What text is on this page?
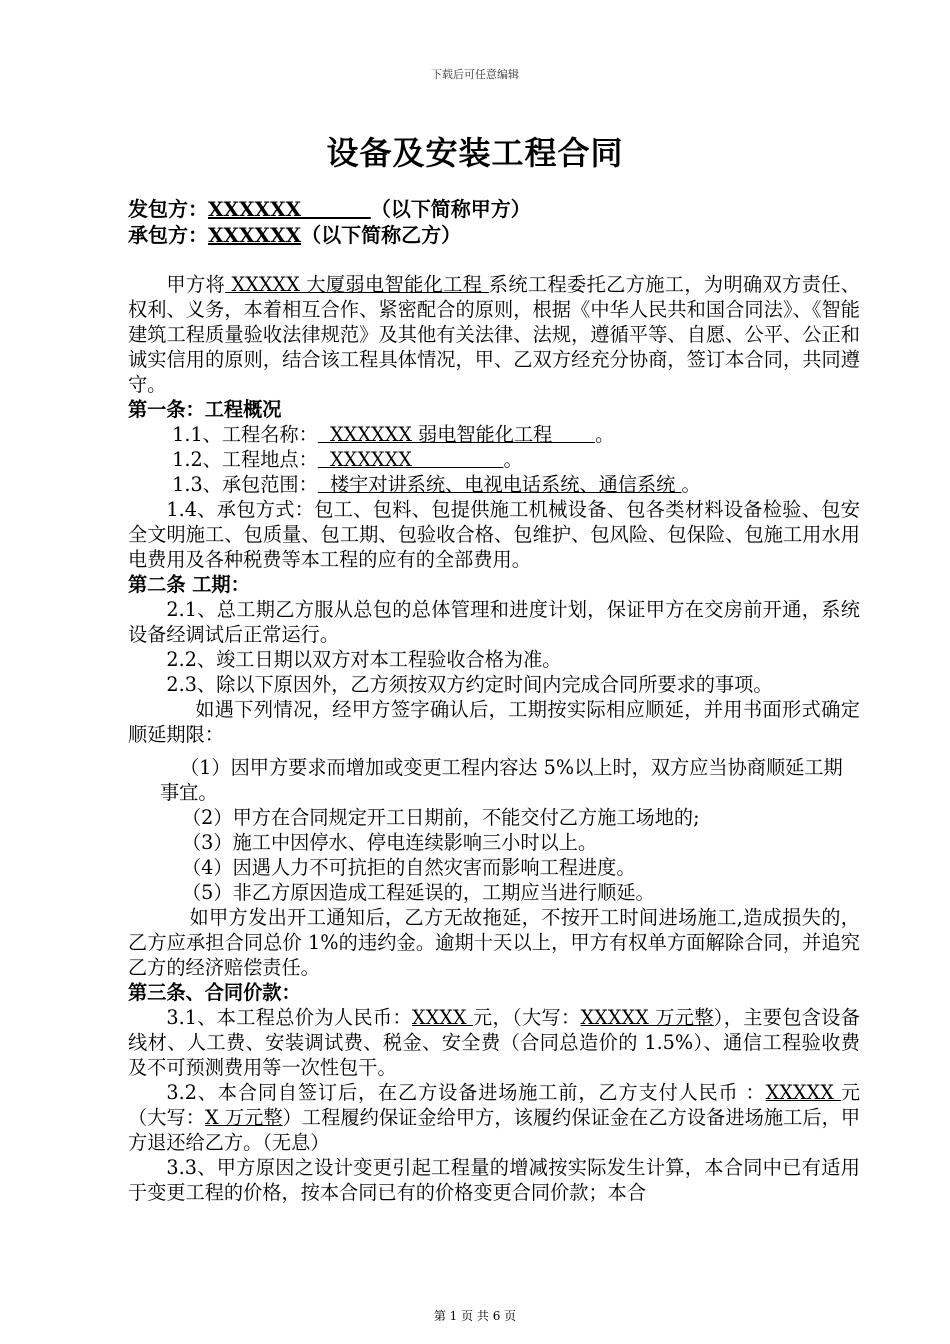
下载后可任意编辑
设备及安装工程合同
发包方：XXXXXX	（以下简称甲方）
承包方：XXXXXX（以下简称乙方）

甲方将 XXXXX 大厦弱电智能化工程 系统工程委托乙方施工，为明确双方责任、权利、义务，本着相互合作、紧密配合的原则，根据《中华人民共和国合同法》、《智能建筑工程质量验收法律规范》及其他有关法律、法规，遵循平等、自愿、公平、公正和诚实信用的原则，结合该工程具体情况，甲、乙双方经充分协商，签订本合同，共同遵守。

第一条：工程概况

1.1、工程名称：  XXXXXX 弱电智能化工程       。

1.2、工程地点：  XXXXXX               。

1.3、承包范围：  楼宇对讲系统、电视电话系统、通信系统 。

1.4、承包方式：包工、包料、包提供施工机械设备、包各类材料设备检验、包安全文明施工、包质量、包工期、包验收合格、包维护、包风险、包保险、包施工用水用电费用及各种税费等本工程的应有的全部费用。

第二条 工期：

2.1、总工期乙方服从总包的总体管理和进度计划，保证甲方在交房前开通，系统设备经调试后正常运行。

2.2、竣工日期以双方对本工程验收合格为准。

2.3、除以下原因外，乙方须按双方约定时间内完成合同所要求的事项。

如遇下列情况，经甲方签字确认后，工期按实际相应顺延，并用书面形式确定顺延期限：

（1）因甲方要求而增加或变更工程内容达 5%以上时，双方应当协商顺延工期事宜。

（2）甲方在合同规定开工日期前，不能交付乙方施工场地的;

（3）施工中因停水、停电连续影响三小时以上。

（4）因遇人力不可抗拒的自然灾害而影响工程进度。

（5）非乙方原因造成工程延误的，工期应当进行顺延。

如甲方发出开工通知后，乙方无故拖延，不按开工时间进场施工,造成损失的，乙方应承担合同总价 1%的违约金。逾期十天以上，甲方有权单方面解除合同，并追究乙方的经济赔偿责任。

第三条、合同价款：

3.1、本工程总价为人民币：XXXX 元，（大写：XXXXX 万元整），主要包含设备线材、人工费、安装调试费、税金、安全费（合同总造价的 1.5%）、通信工程验收费及不可预测费用等一次性包干。

3.2、本合同自签订后，在乙方设备进场施工前，乙方支付人民币 ：XXXXX 元（大写：X 万元整）工程履约保证金给甲方，该履约保证金在乙方设备进场施工后，甲方退还给乙方。（无息）

3.3、甲方原因之设计变更引起工程量的增减按实际发生计算，本合同中已有适用于变更工程的价格，按本合同已有的价格变更合同价款；本合

第 1 页 共 6 页
